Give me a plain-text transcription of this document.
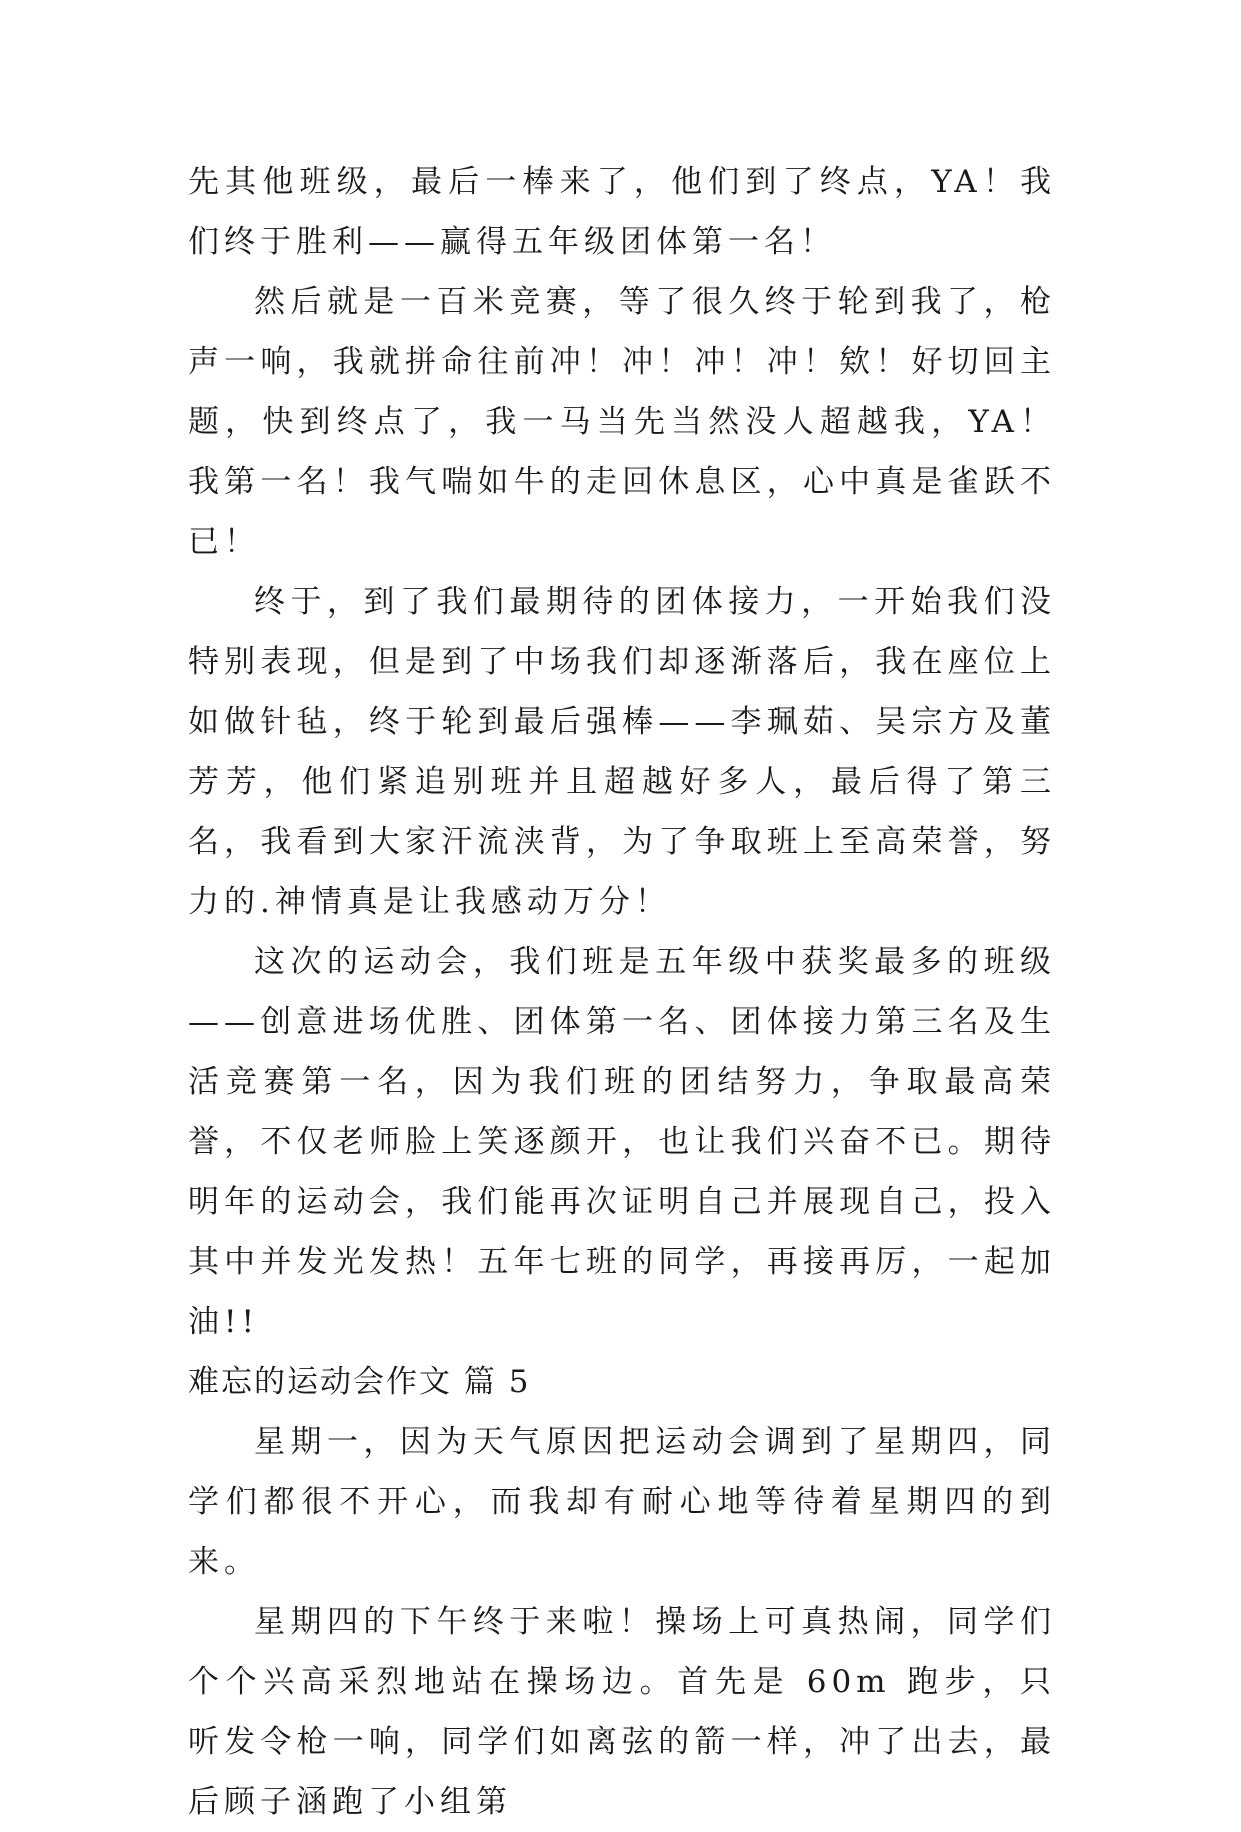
先其他班级，最后一棒来了，他们到了终点，YA！我们终于胜利——赢得五年级团体第一名！

然后就是一百米竞赛，等了很久终于轮到我了，枪声一响，我就拼命往前冲！冲！冲！冲！欸！好切回主题，快到终点了，我一马当先当然没人超越我，YA！我第一名！我气喘如牛的走回休息区，心中真是雀跃不已！

终于，到了我们最期待的团体接力，一开始我们没特别表现，但是到了中场我们却逐渐落后，我在座位上如做针毡，终于轮到最后强棒——李珮茹、吴宗方及董芳芳，他们紧追别班并且超越好多人，最后得了第三名，我看到大家汗流浃背，为了争取班上至高荣誉，努力的.神情真是让我感动万分！

这次的运动会，我们班是五年级中获奖最多的班级——创意进场优胜、团体第一名、团体接力第三名及生活竞赛第一名，因为我们班的团结努力，争取最高荣誉，不仅老师脸上笑逐颜开，也让我们兴奋不已。期待明年的运动会，我们能再次证明自己并展现自己，投入其中并发光发热！五年七班的同学，再接再厉，一起加油!!

难忘的运动会作文 篇 5

星期一，因为天气原因把运动会调到了星期四，同学们都很不开心，而我却有耐心地等待着星期四的到来。

星期四的下午终于来啦！操场上可真热闹，同学们个个兴高采烈地站在操场边。首先是 60m 跑步，只听发令枪一响，同学们如离弦的箭一样，冲了出去，最后顾子涵跑了小组第
